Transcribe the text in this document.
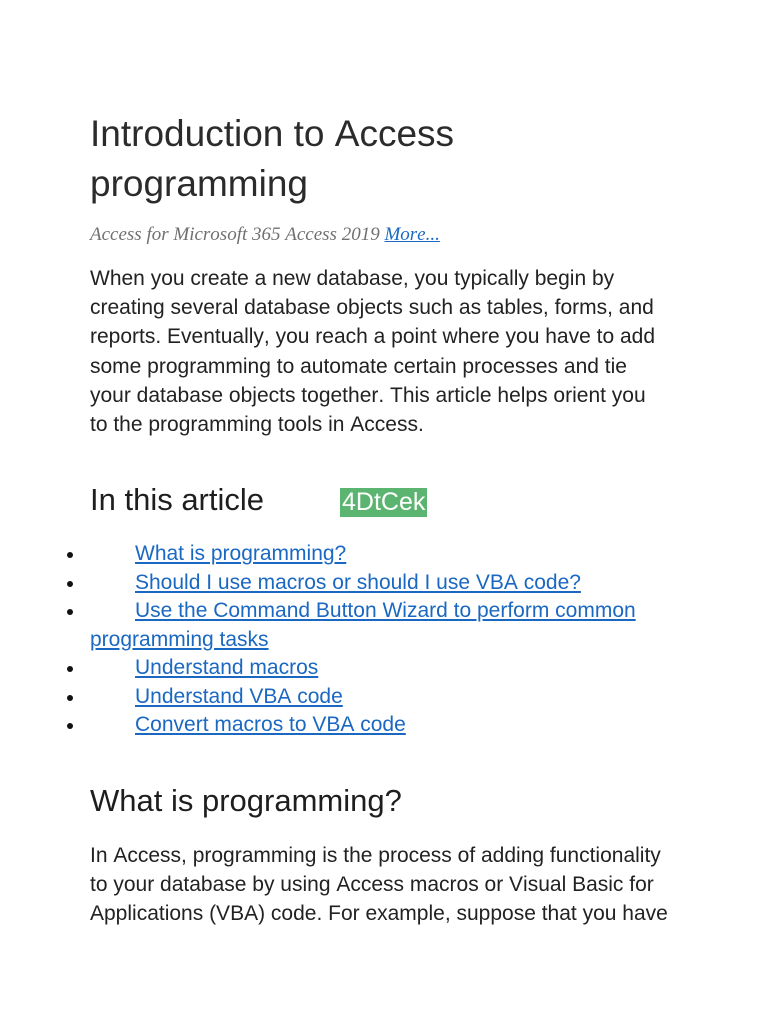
Introduction to Access programming

Access for Microsoft 365 Access 2019 More...

When you create a new database, you typically begin by
creating several database objects such as tables, forms, and
reports. Eventually, you reach a point where you have to add
some programming to automate certain processes and tie
your database objects together. This article helps orient you
to the programming tools in Access.

In this article	4DtCek
What is programming?
Should I use macros or should I use VBA code?
Use the Command Button Wizard to perform common programming tasks
Understand macros
Understand VBA code
Convert macros to VBA code
What is programming?

In Access, programming is the process of adding functionality
to your database by using Access macros or Visual Basic for
Applications (VBA) code. For example, suppose that you have
